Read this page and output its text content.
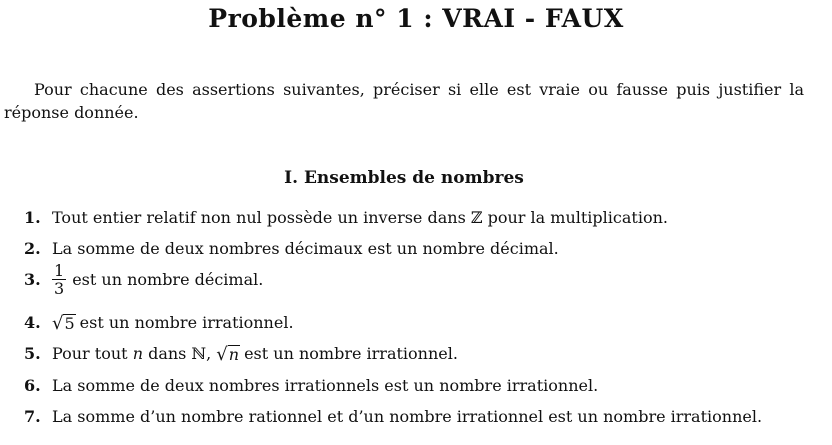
Problème n° 1 : VRAI - FAUX
Pour chacune des assertions suivantes, préciser si elle est vraie ou fausse puis justifier la réponse donnée.
I. Ensembles de nombres
1. Tout entier relatif non nul possède un inverse dans ℤ pour la multiplication.
2. La somme de deux nombres décimaux est un nombre décimal.
3. $\frac{1}{3}$ est un nombre décimal.
4. √ 5 est un nombre irrationnel.
5. Pour tout
n
dans ℕ,
√ n est un nombre irrationnel.
6. La somme de deux nombres irrationnels est un nombre irrationnel.
7. La somme d’un nombre rationnel et d’un nombre irrationnel est un nombre irrationnel.
